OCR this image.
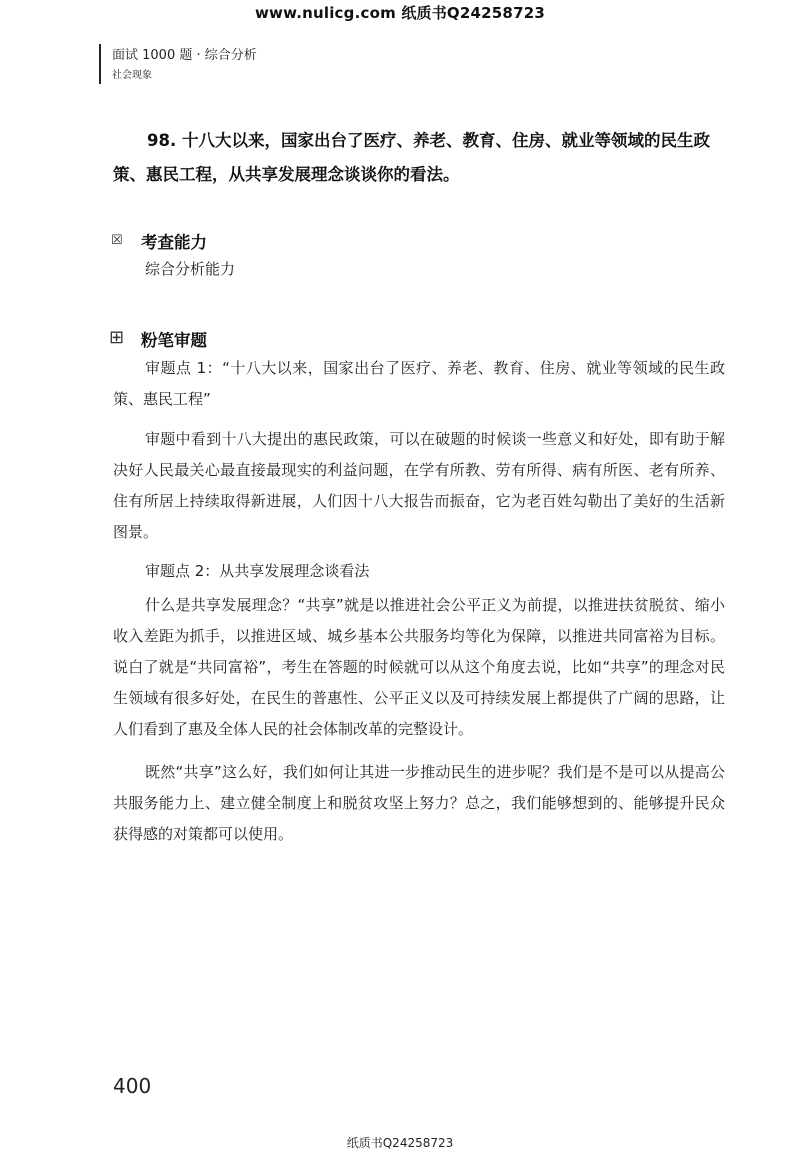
www.nulicg.com 纸质书Q24258723
面试 1000 题 · 综合分析
社会现象
98. 十八大以来，国家出台了医疗、养老、教育、住房、就业等领域的民生政策、惠民工程，从共享发展理念谈谈你的看法。
☒ 考查能力
综合分析能力
⊞ 粉笔审题

审题点 1：“十八大以来，国家出台了医疗、养老、教育、住房、就业等领域的民生政策、惠民工程”

审题中看到十八大提出的惠民政策，可以在破题的时候谈一些意义和好处，即有助于解决好人民最关心最直接最现实的利益问题，在学有所教、劳有所得、病有所医、老有所养、住有所居上持续取得新进展，人们因十八大报告而振奋，它为老百姓勾勒出了美好的生活新图景。

审题点 2：从共享发展理念谈看法

什么是共享发展理念？“共享”就是以推进社会公平正义为前提，以推进扶贫脱贫、缩小收入差距为抓手，以推进区域、城乡基本公共服务均等化为保障，以推进共同富裕为目标。说白了就是“共同富裕”，考生在答题的时候就可以从这个角度去说，比如“共享”的理念对民生领域有很多好处，在民生的普惠性、公平正义以及可持续发展上都提供了广阔的思路，让人们看到了惠及全体人民的社会体制改革的完整设计。

既然“共享”这么好，我们如何让其进一步推动民生的进步呢？我们是不是可以从提高公共服务能力上、建立健全制度上和脱贫攻坚上努力？总之，我们能够想到的、能够提升民众获得感的对策都可以使用。

400
纸质书Q24258723
